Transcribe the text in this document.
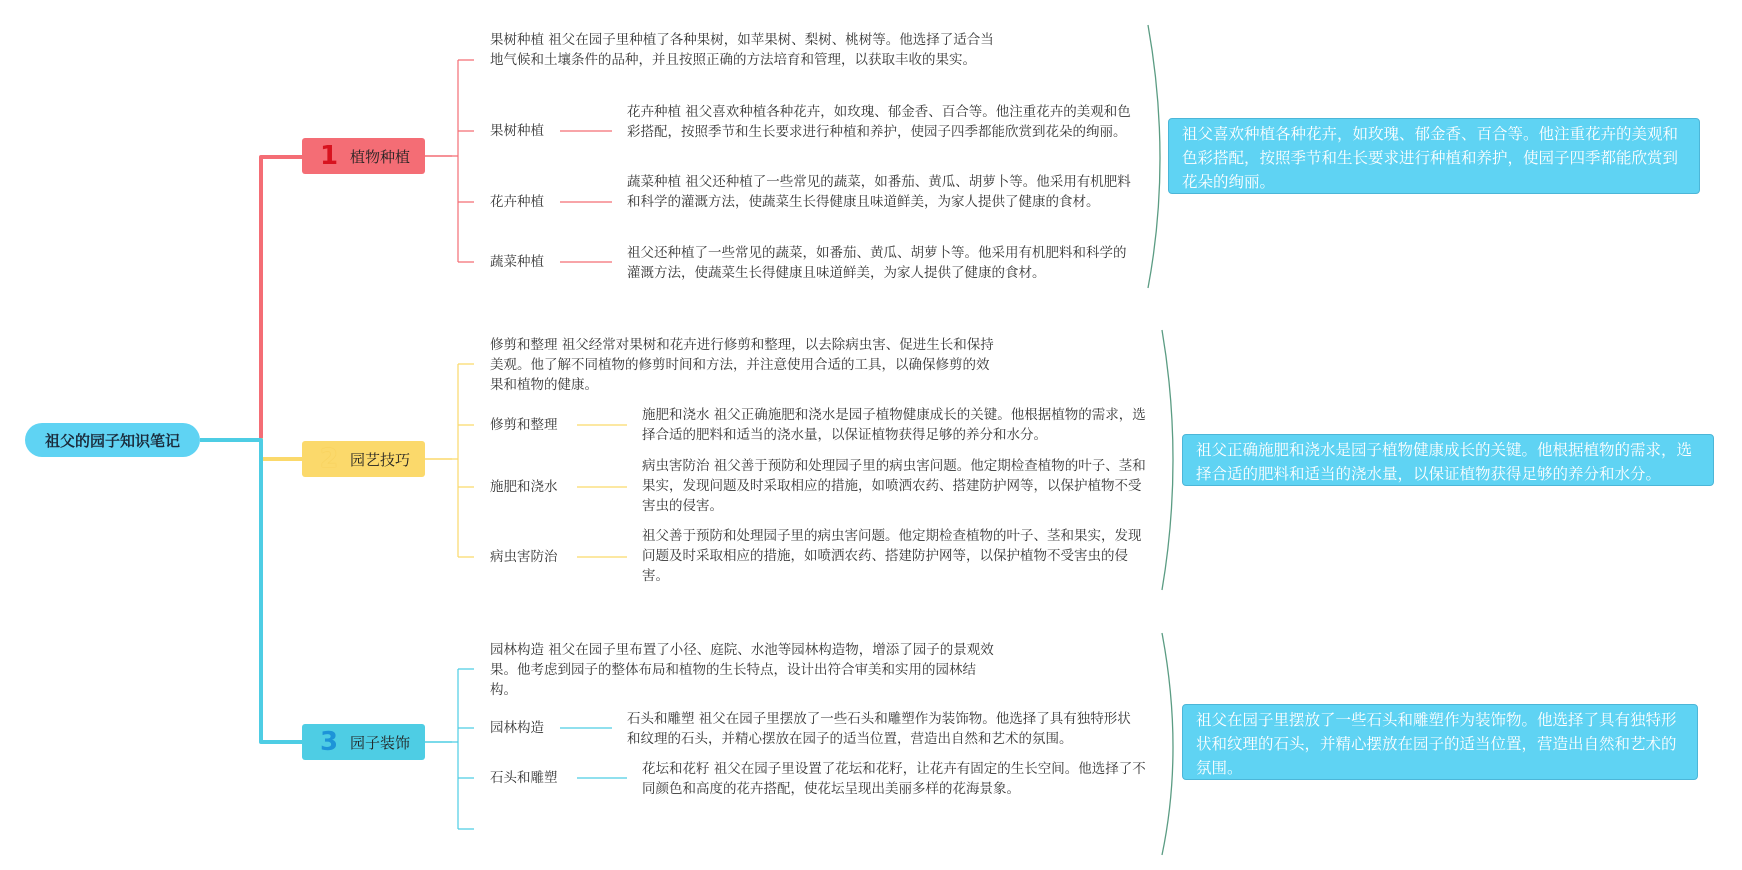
祖父的园子知识笔记
1 植物种植
果树种植 祖父在园子里种植了各种果树，如苹果树、梨树、桃树等。他选择了适合当地气候和土壤条件的品种，并且按照正确的方法培育和管理，以获取丰收的果实。
果树种植
花卉种植 祖父喜欢种植各种花卉，如玫瑰、郁金香、百合等。他注重花卉的美观和色彩搭配，按照季节和生长要求进行种植和养护，使园子四季都能欣赏到花朵的绚丽。
花卉种植
蔬菜种植 祖父还种植了一些常见的蔬菜，如番茄、黄瓜、胡萝卜等。他采用有机肥料和科学的灌溉方法，使蔬菜生长得健康且味道鲜美，为家人提供了健康的食材。
蔬菜种植
祖父还种植了一些常见的蔬菜，如番茄、黄瓜、胡萝卜等。他采用有机肥料和科学的灌溉方法，使蔬菜生长得健康且味道鲜美，为家人提供了健康的食材。
2 园艺技巧
修剪和整理 祖父经常对果树和花卉进行修剪和整理，以去除病虫害、促进生长和保持美观。他了解不同植物的修剪时间和方法，并注意使用合适的工具，以确保修剪的效果和植物的健康。
修剪和整理
施肥和浇水 祖父正确施肥和浇水是园子植物健康成长的关键。他根据植物的需求，选择合适的肥料和适当的浇水量，以保证植物获得足够的养分和水分。
施肥和浇水
病虫害防治 祖父善于预防和处理园子里的病虫害问题。他定期检查植物的叶子、茎和果实，发现问题及时采取相应的措施，如喷洒农药、搭建防护网等，以保护植物不受害虫的侵害。
病虫害防治
祖父善于预防和处理园子里的病虫害问题。他定期检查植物的叶子、茎和果实，发现问题及时采取相应的措施，如喷洒农药、搭建防护网等，以保护植物不受害虫的侵害。
3 园子装饰
园林构造 祖父在园子里布置了小径、庭院、水池等园林构造物，增添了园子的景观效果。他考虑到园子的整体布局和植物的生长特点，设计出符合审美和实用的园林结构。
园林构造
石头和雕塑 祖父在园子里摆放了一些石头和雕塑作为装饰物。他选择了具有独特形状和纹理的石头，并精心摆放在园子的适当位置，营造出自然和艺术的氛围。
石头和雕塑
花坛和花籽 祖父在园子里设置了花坛和花籽，让花卉有固定的生长空间。他选择了不同颜色和高度的花卉搭配，使花坛呈现出美丽多样的花海景象。
祖父喜欢种植各种花卉，如玫瑰、郁金香、百合等。他注重花卉的美观和色彩搭配，按照季节和生长要求进行种植和养护，使园子四季都能欣赏到花朵的绚丽。
祖父正确施肥和浇水是园子植物健康成长的关键。他根据植物的需求，选择合适的肥料和适当的浇水量，以保证植物获得足够的养分和水分。
祖父在园子里摆放了一些石头和雕塑作为装饰物。他选择了具有独特形状和纹理的石头，并精心摆放在园子的适当位置，营造出自然和艺术的氛围。
